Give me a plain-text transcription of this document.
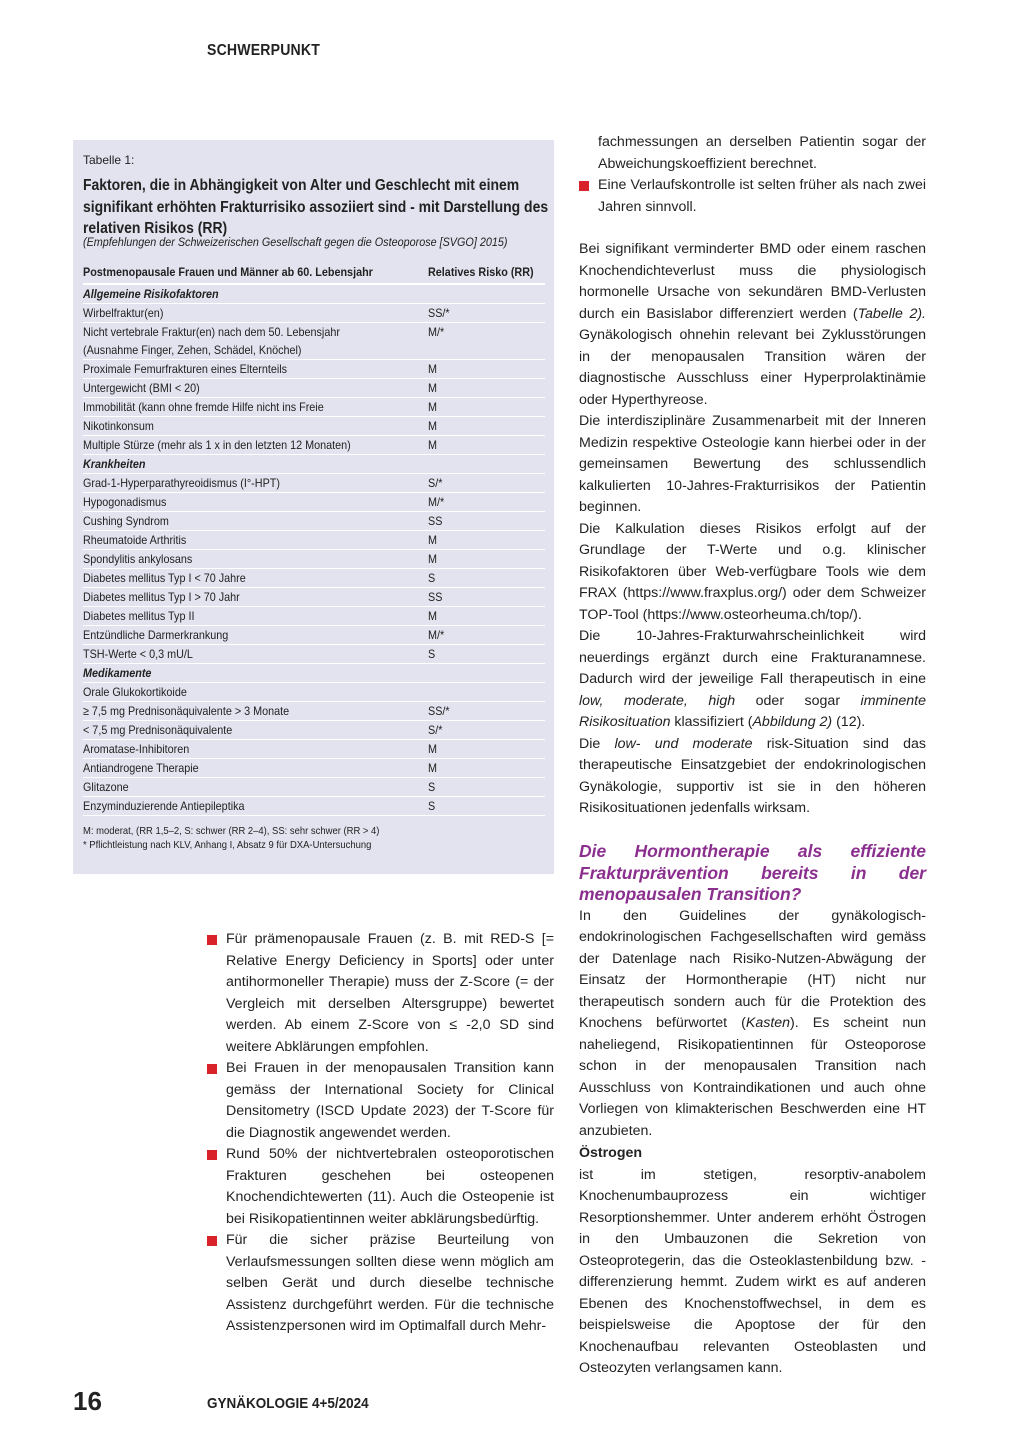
SCHWERPUNKT
Tabelle 1:
Faktoren, die in Abhängigkeit von Alter und Geschlecht mit einem signifikant erhöhten Frakturrisiko assoziiert sind - mit Darstellung des relativen Risikos (RR)
(Empfehlungen der Schweizerischen Gesellschaft gegen die Osteoporose [SVGO] 2015)
Postmenopausale Frauen und Männer ab 60. Lebensjahr	Relatives Risko (RR)
Allgemeine Risikofaktoren	
Wirbelfraktur(en)	SS/*
Nicht vertebrale Fraktur(en) nach dem 50. Lebensjahr
(Ausnahme Finger, Zehen, Schädel, Knöchel)	M/*
Proximale Femurfrakturen eines Elternteils	M
Untergewicht (BMI < 20)	M
Immobilität (kann ohne fremde Hilfe nicht ins Freie	M
Nikotinkonsum	M
Multiple Stürze (mehr als 1 x in den letzten 12 Monaten)	M
Krankheiten	
Grad-1-Hyperparathyreoidismus (I°-HPT)	S/*
Hypogonadismus	M/*
Cushing Syndrom	SS
Rheumatoide Arthritis	M
Spondylitis ankylosans	M
Diabetes mellitus Typ I < 70 Jahre	S
Diabetes mellitus Typ I > 70 Jahr	SS
Diabetes mellitus Typ II	M
Entzündliche Darmerkrankung	M/*
TSH-Werte < 0,3 mU/L	S
Medikamente	
Orale Glukokortikoide	
≥ 7,5 mg Prednisonäquivalente > 3 Monate	SS/*
< 7,5 mg Prednisonäquivalente	S/*
Aromatase-Inhibitoren	M
Antiandrogene Therapie	M
Glitazone	S
Enzyminduzierende Antiepileptika	S
M: moderat, (RR 1,5–2, S: schwer (RR 2–4), SS: sehr schwer (RR > 4)
* Pflichtleistung nach KLV, Anhang I, Absatz 9 für DXA-Untersuchung
Für prämenopausale Frauen (z. B. mit RED-S [= Relative Energy Deficiency in Sports] oder unter antihormoneller Therapie) muss der Z-Score (= der Vergleich mit derselben Altersgruppe) bewertet werden. Ab einem Z-Score von ≤ -2,0 SD sind weitere Abklärungen empfohlen.
Bei Frauen in der menopausalen Transition kann gemäss der International Society for Clinical Densitometry (ISCD Update 2023) der T-Score für die Diagnostik angewendet werden.
Rund 50% der nichtvertebralen osteoporotischen Frakturen geschehen bei osteopenen Knochendichtewerten (11). Auch die Osteopenie ist bei Risikopatientinnen weiter abklärungsbedürftig.
Für die sicher präzise Beurteilung von Verlaufsmessungen sollten diese wenn möglich am selben Gerät und durch dieselbe technische Assistenz durchgeführt werden. Für die technische Assistenzpersonen wird im Optimalfall durch Mehr-

fachmessungen an derselben Patientin sogar der Abweichungskoeffizient berechnet.

Eine Verlaufskontrolle ist selten früher als nach zwei Jahren sinnvoll.

Bei signifikant verminderter BMD oder einem raschen Knochendichteverlust muss die physiologisch hormonelle Ursache von sekundären BMD-Verlusten durch ein Basislabor differenziert werden (Tabelle 2). Gynäkologisch ohnehin relevant bei Zyklusstörungen in der menopausalen Transition wären der diagnostische Ausschluss einer Hyperprolaktinämie oder Hyperthyreose.

Die interdisziplinäre Zusammenarbeit mit der Inneren Medizin respektive Osteologie kann hierbei oder in der gemeinsamen Bewertung des schlussendlich kalkulierten 10-Jahres-Frakturrisikos der Patientin beginnen.

Die Kalkulation dieses Risikos erfolgt auf der Grundlage der T-Werte und o.g. klinischer Risikofaktoren über Web-verfügbare Tools wie dem FRAX (https://www.fraxplus.org/) oder dem Schweizer TOP-Tool (https://www.osteorheuma.ch/top/).

Die 10-Jahres-Frakturwahrscheinlichkeit wird neuerdings ergänzt durch eine Frakturanamnese. Dadurch wird der jeweilige Fall therapeutisch in eine low, moderate, high oder sogar imminente Risikosituation klassifiziert (Abbildung 2) (12).

Die low- und moderate risk-Situation sind das therapeutische Einsatzgebiet der endokrinologischen Gynäkologie, supportiv ist sie in den höheren Risikosituationen jedenfalls wirksam.

Die Hormontherapie als effiziente Frakturprävention bereits in der menopausalen Transition?

In den Guidelines der gynäkologisch-endokrinologischen Fachgesellschaften wird gemäss der Datenlage nach Risiko-Nutzen-Abwägung der Einsatz der Hormontherapie (HT) nicht nur therapeutisch sondern auch für die Protektion des Knochens befürwortet (Kasten). Es scheint nun naheliegend, Risikopatientinnen für Osteoporose schon in der menopausalen Transition nach Ausschluss von Kontraindikationen und auch ohne Vorliegen von klimakterischen Beschwerden eine HT anzubieten.

Östrogen

ist im stetigen, resorptiv-anabolem Knochenumbauprozess ein wichtiger Resorptionshemmer. Unter anderem erhöht Östrogen in den Umbauzonen die Sekretion von Osteoprotegerin, das die Osteoklastenbildung bzw. -differenzierung hemmt. Zudem wirkt es auf anderen Ebenen des Knochenstoffwechsel, in dem es beispielsweise die Apoptose der für den Knochenaufbau relevanten Osteoblasten und Osteozyten verlangsamen kann.

16	GYNÄKOLOGIE 4+5/2024
